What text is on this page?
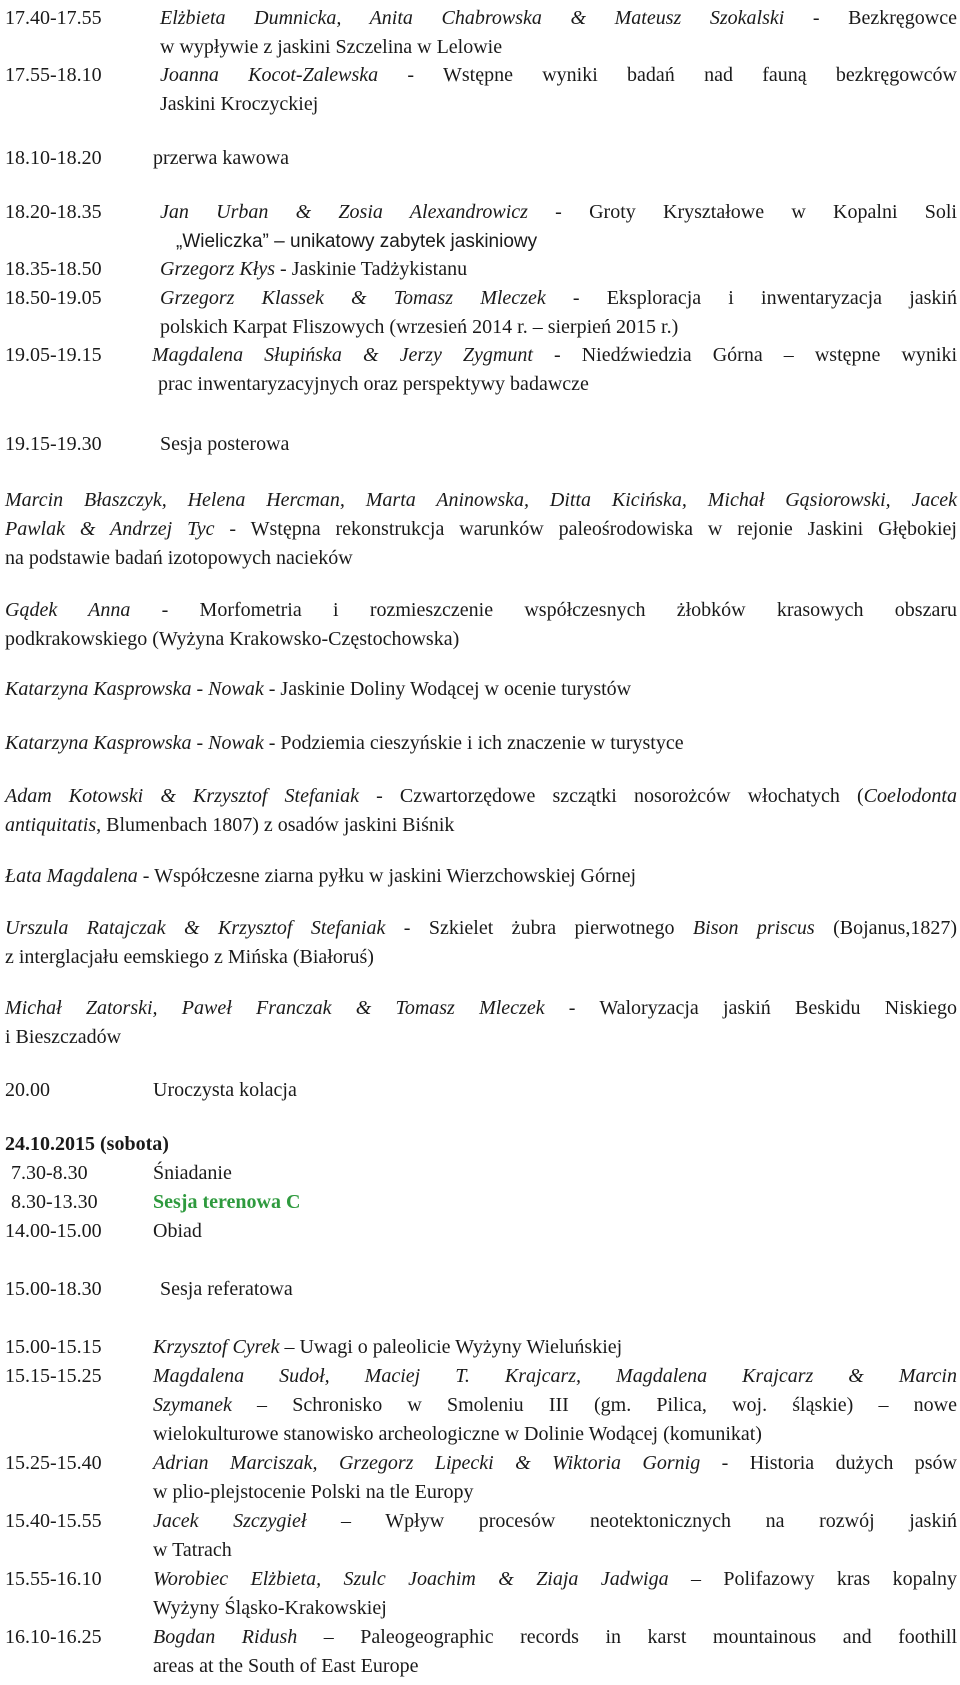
17.40-17.55	Elżbieta Dumnicka, Anita Chabrowska & Mateusz Szokalski - Bezkręgowce
w wypływie z jaskini Szczelina w Lelowie
17.55-18.10	Joanna Kocot-Zalewska - Wstępne wyniki badań nad fauną bezkręgowców
Jaskini Kroczyckiej
18.10-18.20	przerwa kawowa
18.20-18.35	Jan Urban & Zosia Alexandrowicz - Groty Kryształowe w Kopalni Soli
„Wieliczka” – unikatowy zabytek jaskiniowy
18.35-18.50	Grzegorz Kłys - Jaskinie Tadżykistanu
18.50-19.05	Grzegorz Klassek & Tomasz Mleczek - Eksploracja i inwentaryzacja jaskiń
polskich Karpat Fliszowych (wrzesień 2014 r. – sierpień 2015 r.)
19.05-19.15	Magdalena Słupińska & Jerzy Zygmunt - Niedźwiedzia Górna – wstępne wyniki
prac inwentaryzacyjnych oraz perspektywy badawcze
19.15-19.30	Sesja posterowa
Marcin Błaszczyk, Helena Hercman, Marta Aninowska, Ditta Kicińska, Michał Gąsiorowski, Jacek
Pawlak & Andrzej Tyc - Wstępna rekonstrukcja warunków paleośrodowiska w rejonie Jaskini Głębokiej
na podstawie badań izotopowych nacieków
Gądek Anna - Morfometria i rozmieszczenie współczesnych żłobków krasowych obszaru
podkrakowskiego (Wyżyna Krakowsko-Częstochowska)
Katarzyna Kasprowska - Nowak - Jaskinie Doliny Wodącej w ocenie turystów
Katarzyna Kasprowska - Nowak - Podziemia cieszyńskie i ich znaczenie w turystyce
Adam Kotowski & Krzysztof Stefaniak - Czwartorzędowe szczątki nosorożców włochatych (Coelodonta
antiquitatis, Blumenbach 1807) z osadów jaskini Biśnik
Łata Magdalena - Współczesne ziarna pyłku w jaskini Wierzchowskiej Górnej
Urszula Ratajczak & Krzysztof Stefaniak - Szkielet żubra pierwotnego Bison priscus (Bojanus,1827)
z interglacjału eemskiego z Mińska (Białoruś)
Michał Zatorski, Paweł Franczak & Tomasz Mleczek - Waloryzacja jaskiń Beskidu Niskiego
i Bieszczadów
20.00	Uroczysta kolacja
24.10.2015 (sobota)
7.30-8.30	Śniadanie
8.30-13.30	Sesja terenowa C
14.00-15.00	Obiad
15.00-18.30	Sesja referatowa
15.00-15.15	Krzysztof Cyrek – Uwagi o paleolicie Wyżyny Wieluńskiej
15.15-15.25	Magdalena Sudoł, Maciej T. Krajcarz, Magdalena Krajcarz & Marcin
Szymanek – Schronisko w Smoleniu III (gm. Pilica, woj. śląskie) – nowe
wielokulturowe stanowisko archeologiczne w Dolinie Wodącej (komunikat)
15.25-15.40	Adrian Marciszak, Grzegorz Lipecki & Wiktoria Gornig - Historia dużych psów
w plio-plejstocenie Polski na tle Europy
15.40-15.55	Jacek Szczygieł – Wpływ procesów neotektonicznych na rozwój jaskiń
w Tatrach
15.55-16.10	Worobiec Elżbieta, Szulc Joachim & Ziaja Jadwiga – Polifazowy kras kopalny
Wyżyny Śląsko-Krakowskiej
16.10-16.25	Bogdan Ridush – Paleogeographic records in karst mountainous and foothill
areas at the South of East Europe
